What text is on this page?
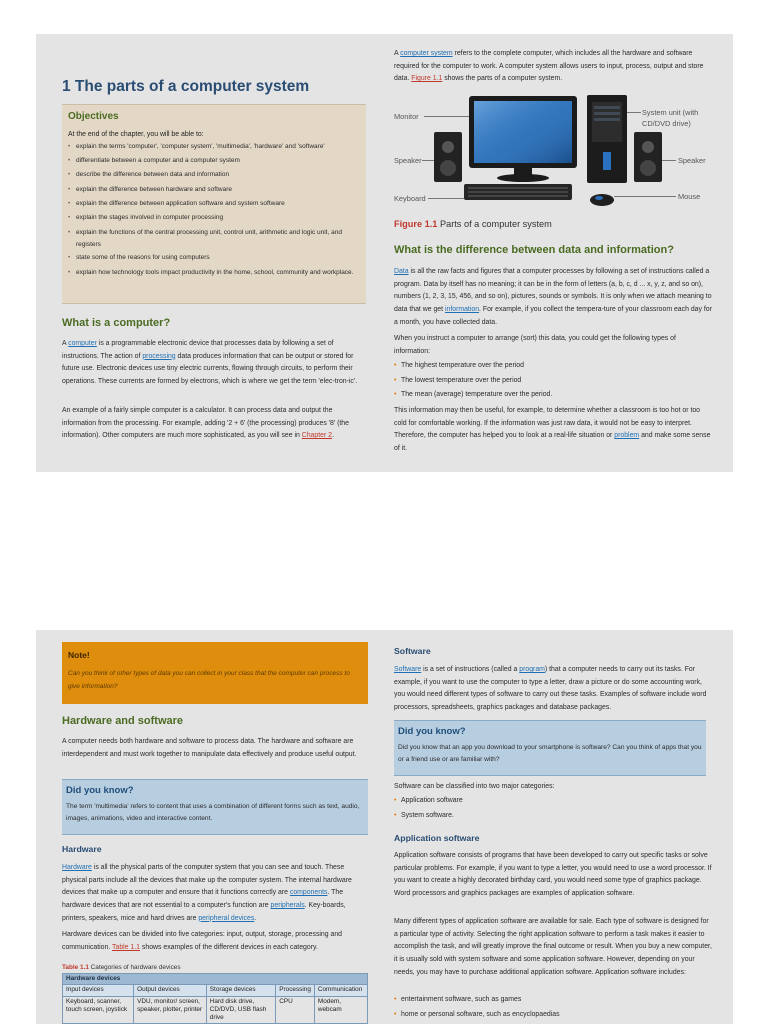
1 The parts of a computer system
Objectives
At the end of the chapter, you will be able to:
• explain the terms 'computer', 'computer system', 'multimedia', 'hardware' and 'software'
• differentiate between a computer and a computer system
• describe the difference between data and information
• explain the difference between hardware and software
• explain the difference between application software and system software
• explain the stages involved in computer processing
• explain the functions of the central processing unit, control unit, arithmetic and logic unit, and registers
• state some of the reasons for using computers
• explain how technology tools impact productivity in the home, school, community and workplace.
What is a computer?

A computer is a programmable electronic device that processes data by following a set of instructions. The action of processing data produces information that can be output or stored for future use. Electronic devices use tiny electric currents, flowing through circuits, to perform their operations. These currents are formed by electrons, which is where we get the term 'elec-tron-ic'.

An example of a fairly simple computer is a calculator. It can process data and output the information from the processing. For example, adding '2 + 6' (the processing) produces '8' (the information). Other computers are much more sophisticated, as you will see in Chapter 2.

A computer system refers to the complete computer, which includes all the hardware and software required for the computer to work. A computer system allows users to input, process, output and store data. Figure 1.1 shows the parts of a computer system.

Monitor	System unit (with
CD/DVD drive)
Speaker	Speaker
Keyboard	Mouse
Figure 1.1 Parts of a computer system
What is the difference between data and information?

Data is all the raw facts and figures that a computer processes by following a set of instructions called a program. Data by itself has no meaning; it can be in the form of letters (a, b, c, d ... x, y, z, and so on), numbers (1, 2, 3, 15, 456, and so on), pictures, sounds or symbols. It is only when we attach meaning to data that we get information. For example, if you collect the tempera-ture of your classroom each day for a month, you have collected data.

When you instruct a computer to arrange (sort) this data, you could get the following types of information:

• The highest temperature over the period
• The lowest temperature over the period
• The mean (average) temperature over the period.

This information may then be useful, for example, to determine whether a classroom is too hot or too cold for comfortable working. If the information was just raw data, it would not be easy to interpret. Therefore, the computer has helped you to look at a real-life situation or problem and make some sense of it.

Note!

Can you think of other types of data you can collect in your class that the computer can process to give information?

Hardware and software

A computer needs both hardware and software to process data. The hardware and software are interdependent and must work together to manipulate data effectively and produce useful output.

Did you know?

The term 'multimedia' refers to content that uses a combination of different forms such as text, audio, images, animations, video and interactive content.

Hardware

Hardware is all the physical parts of the computer system that you can see and touch. These physical parts include all the devices that make up the computer system. The internal hardware devices that make up a computer and ensure that it functions correctly are components. The hardware devices that are not essential to a computer's function are peripherals. Key-boards, printers, speakers, mice and hard drives are peripheral devices.

Hardware devices can be divided into five categories: input, output, storage, processing and communication. Table 1.1 shows examples of the different devices in each category.

Table 1.1 Categories of hardware devices
Hardware devices				
Input devices	Output devices	Storage devices	Processing	Communication
Keyboard, scanner, touch screen, joystick	VDU, monitor/ screen, speaker, plotter, printer	Hard disk drive, CD/DVD, USB flash drive	CPU	Modem, webcam
Software

Software is a set of instructions (called a program) that a computer needs to carry out its tasks. For example, if you want to use the computer to type a letter, draw a picture or do some accounting work, you would need different types of software to carry out these tasks. Examples of software include word processors, spreadsheets, graphics packages and database packages.

Did you know?

Did you know that an app you download to your smartphone is software? Can you think of apps that you or a friend use or are familiar with?

Software can be classified into two major categories:

• Application software
• System software.
Application software

Application software consists of programs that have been developed to carry out specific tasks or solve particular problems. For example, if you want to type a letter, you would need to use a word processor. If you want to create a highly decorated birthday card, you would need some type of graphics package. Word processors and graphics packages are examples of application software.

Many different types of application software are available for sale. Each type of software is designed for a particular type of activity. Selecting the right application software to perform a task makes it easier to accomplish the task, and will greatly improve the final outcome or result. When you buy a new computer, it is usually sold with system software and some application software. However, depending on your needs, you may have to purchase additional application software. Application software includes:

• entertainment software, such as games
• home or personal software, such as encyclopaedias
